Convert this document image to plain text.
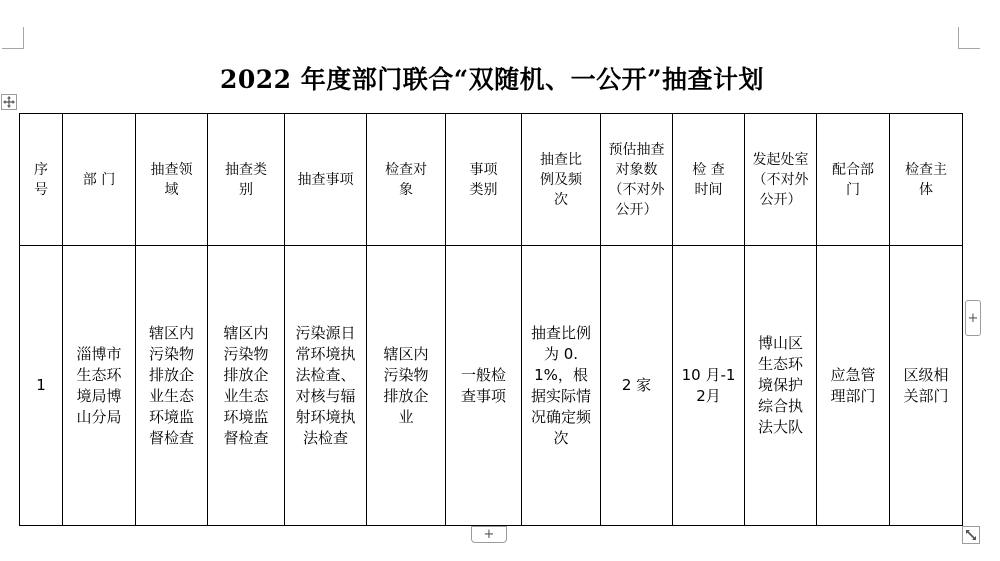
2022 年度部门联合“双随机、一公开”抽查计划
序号	部 门	抽查领域	抽查类别	抽查事项	检查对象	事项类别	抽查比例及频次	预估抽查对象数（不对外公开）	检 查时间	发起处室（不对外公开）	配合部门	检查主体
1	淄博市生态环境局博山分局	辖区内污染物排放企业生态环境监督检查	辖区内污染物排放企业生态环境监督检查	污染源日常环境执法检查、对核与辐射环境执法检查	辖区内污染物排放企业	一般检查事项	抽查比例为 0.1%，根据实际情况确定频次	2 家	10 月-12月	博山区生态环境保护综合执法大队	应急管理部门	区级相关部门
+
+
